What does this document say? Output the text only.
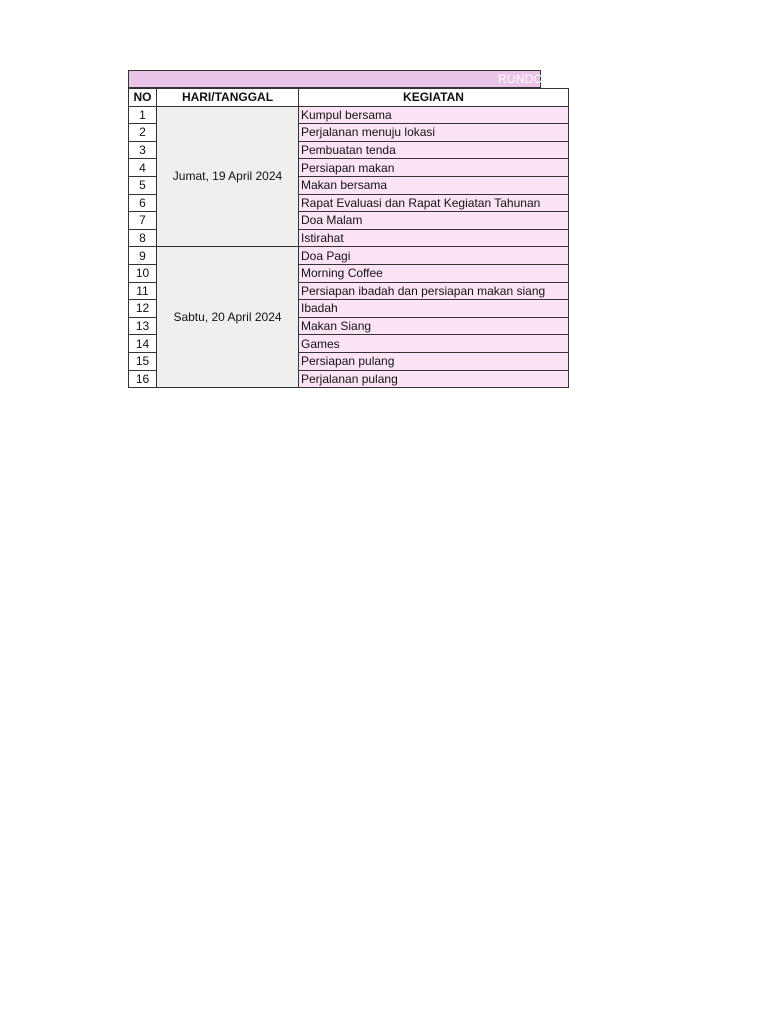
RUNDOWN
NO	HARI/TANGGAL	KEGIATAN
1	Jumat, 19 April 2024	Kumpul bersama
2		Perjalanan menuju lokasi
3		Pembuatan tenda
4		Persiapan makan
5		Makan bersama
6		Rapat Evaluasi dan Rapat Kegiatan Tahunan
7		Doa Malam
8		Istirahat
9	Sabtu, 20 April 2024	Doa Pagi
10		Morning Coffee
11		Persiapan ibadah dan persiapan makan siang
12		Ibadah
13		Makan Siang
14		Games
15		Persiapan pulang
16		Perjalanan pulang
